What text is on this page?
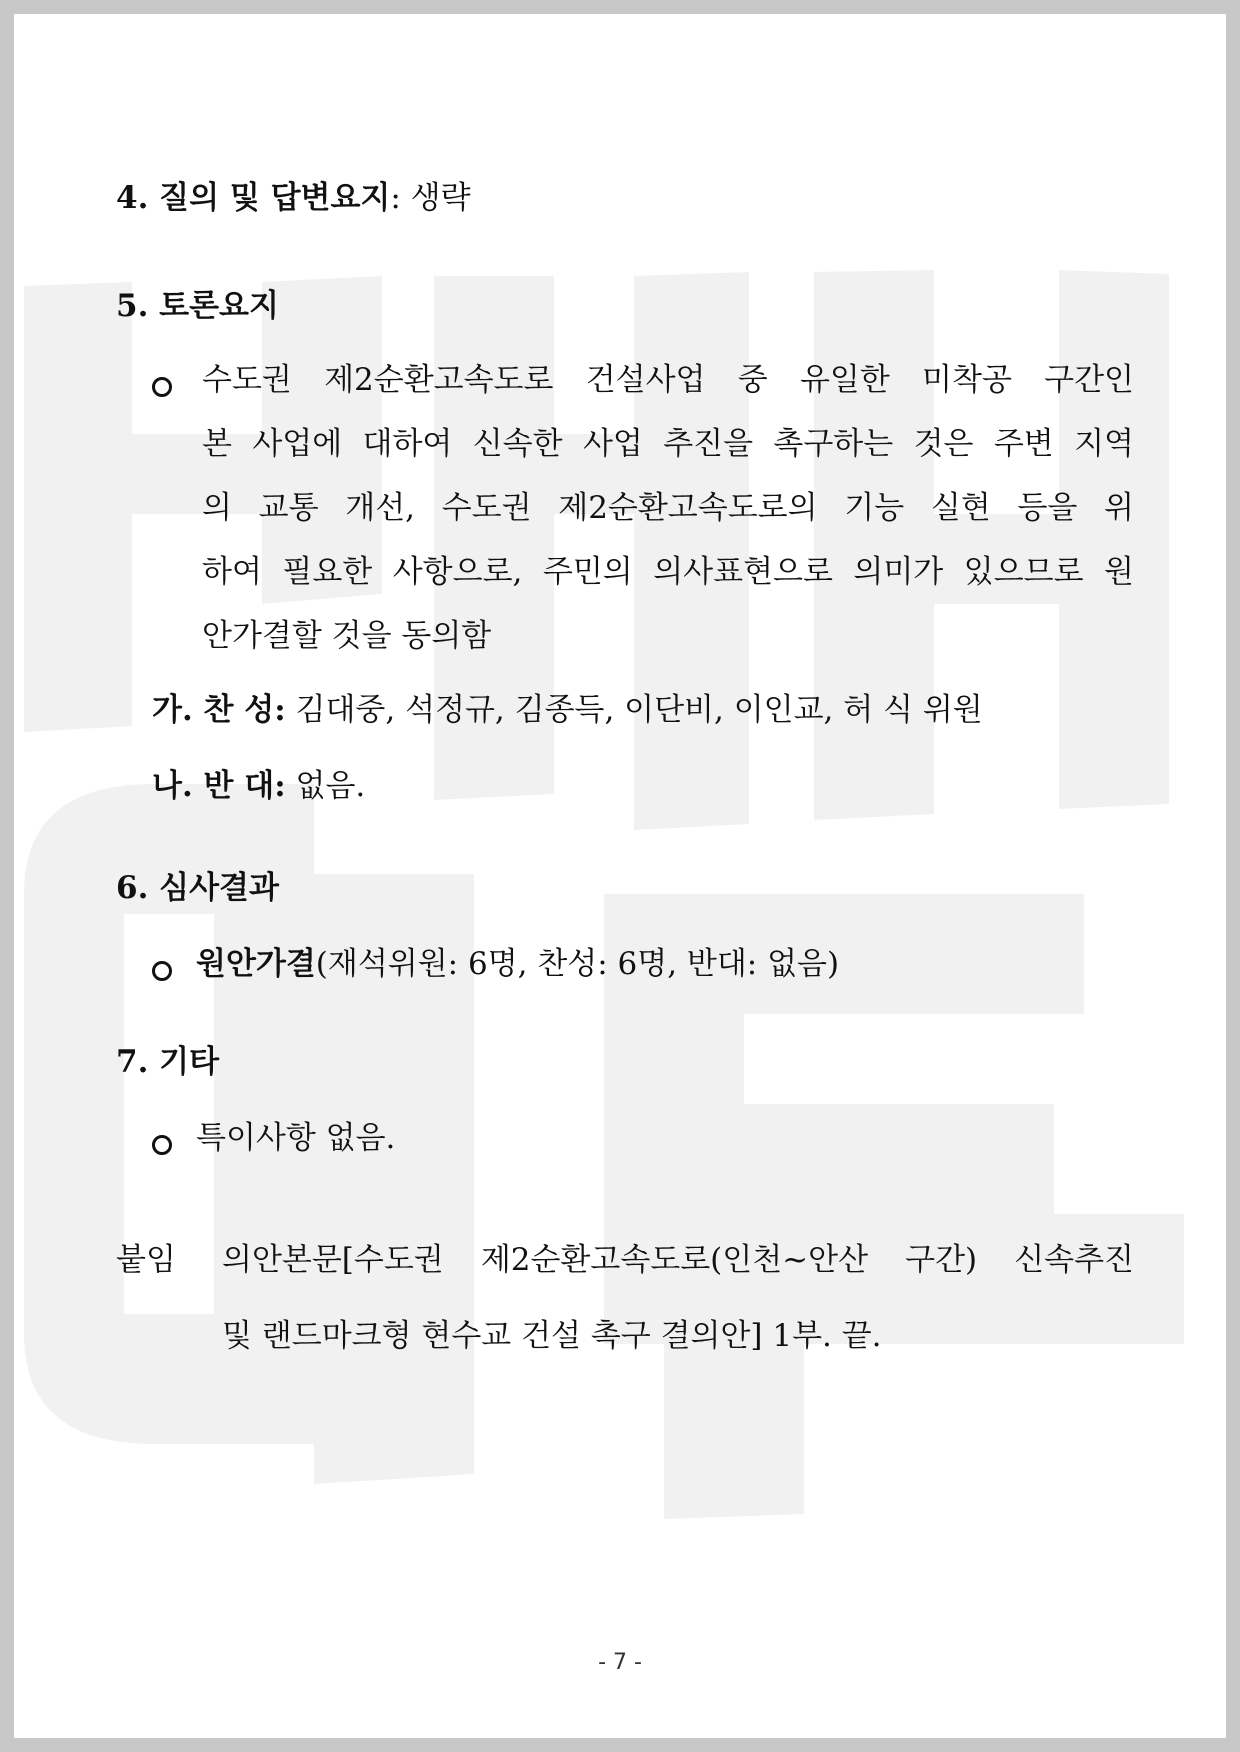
4. 질의 및 답변요지: 생략
5. 토론요지
수도권 제2순환고속도로 건설사업 중 유일한 미착공 구간인
본 사업에 대하여 신속한 사업 추진을 촉구하는 것은 주변 지역
의 교통 개선, 수도권 제2순환고속도로의 기능 실현 등을 위
하여 필요한 사항으로, 주민의 의사표현으로 의미가 있으므로 원
안가결할 것을 동의함
가. 찬 성: 김대중, 석정규, 김종득, 이단비, 이인교, 허 식 위원
나. 반 대: 없음.
6. 심사결과
원안가결(재석위원: 6명, 찬성: 6명, 반대: 없음)
7. 기타
특이사항 없음.
붙임 의안본문[수도권 제2순환고속도로(인천~안산 구간) 신속추진
및 랜드마크형 현수교 건설 촉구 결의안] 1부. 끝.
- 7 -
